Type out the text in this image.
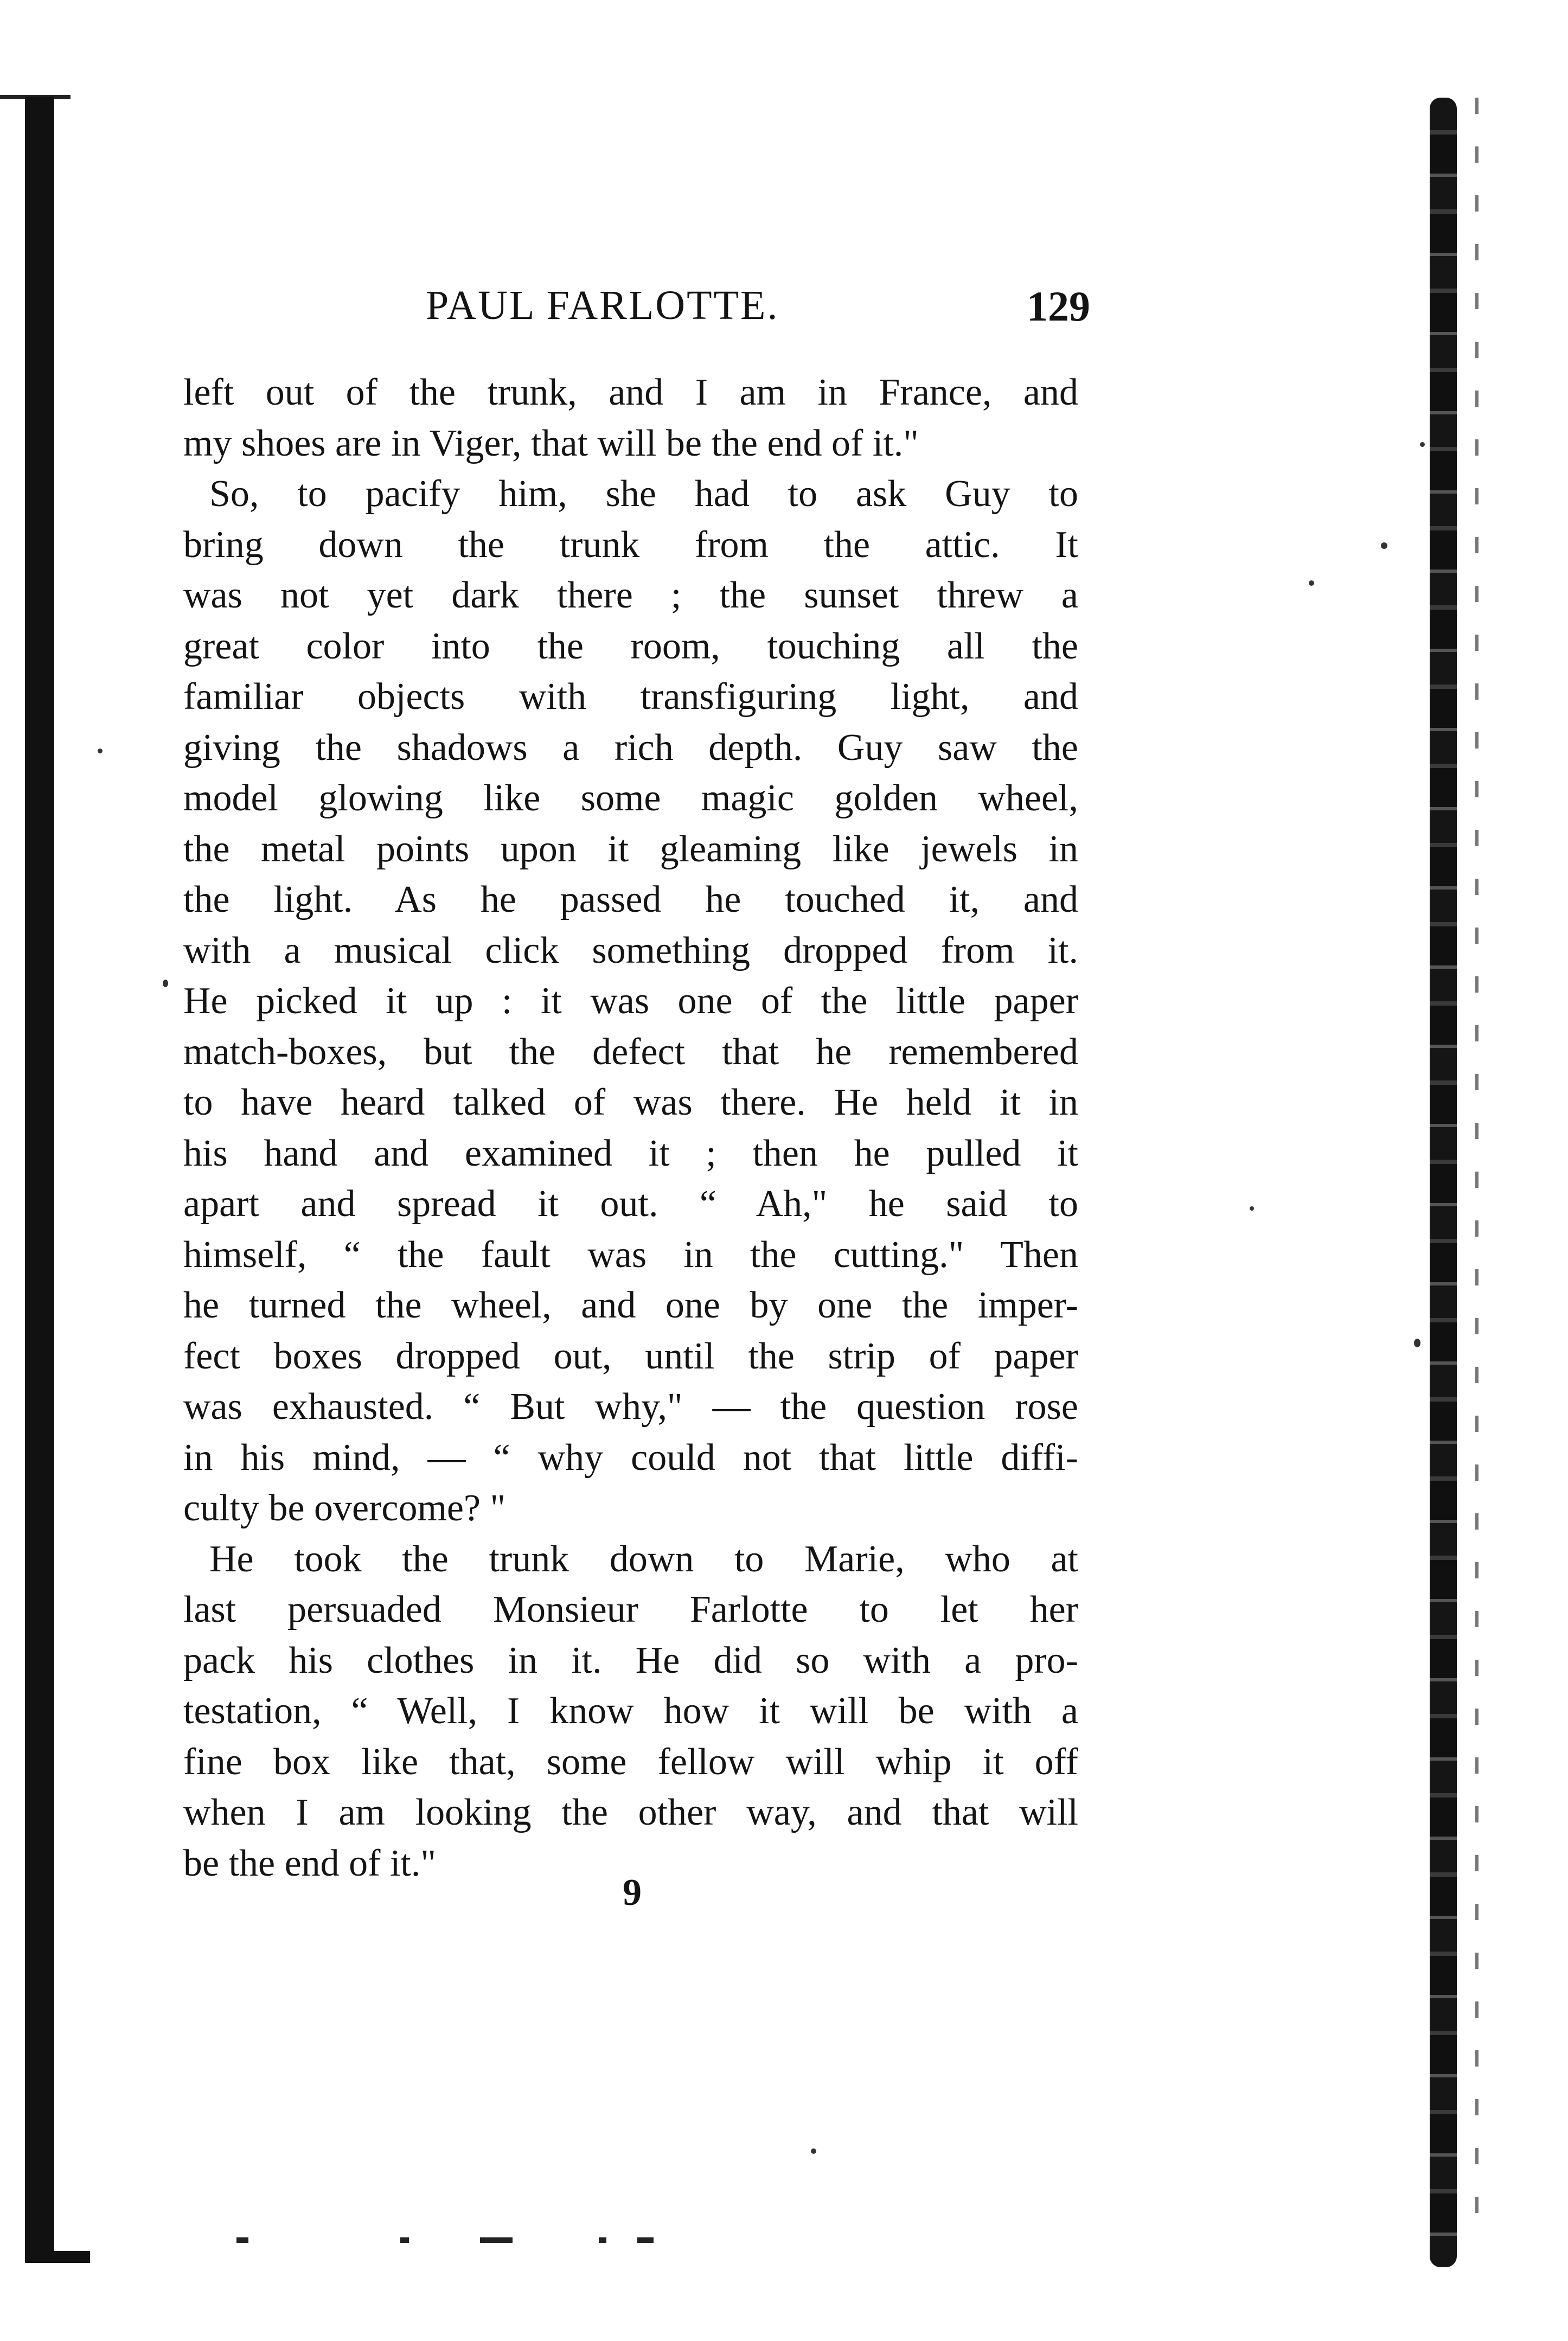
PAUL FARLOTTE.	129
left out of the trunk, and I am in France, and
my shoes are in Viger, that will be the end of it."
So, to pacify him, she had to ask Guy to
bring down the trunk from the attic. It
was not yet dark there ; the sunset threw a
great color into the room, touching all the
familiar objects with transfiguring light, and
giving the shadows a rich depth. Guy saw the
model glowing like some magic golden wheel,
the metal points upon it gleaming like jewels in
the light. As he passed he touched it, and
with a musical click something dropped from it.
He picked it up : it was one of the little paper
match-boxes, but the defect that he remembered
to have heard talked of was there. He held it in
his hand and examined it ; then he pulled it
apart and spread it out. “ Ah," he said to
himself, “ the fault was in the cutting." Then
he turned the wheel, and one by one the imper-
fect boxes dropped out, until the strip of paper
was exhausted. “ But why," — the question rose
in his mind, — “ why could not that little diffi-
culty be overcome? "
He took the trunk down to Marie, who at
last persuaded Monsieur Farlotte to let her
pack his clothes in it. He did so with a pro-
testation, “ Well, I know how it will be with a
fine box like that, some fellow will whip it off
when I am looking the other way, and that will
be the end of it."
9
